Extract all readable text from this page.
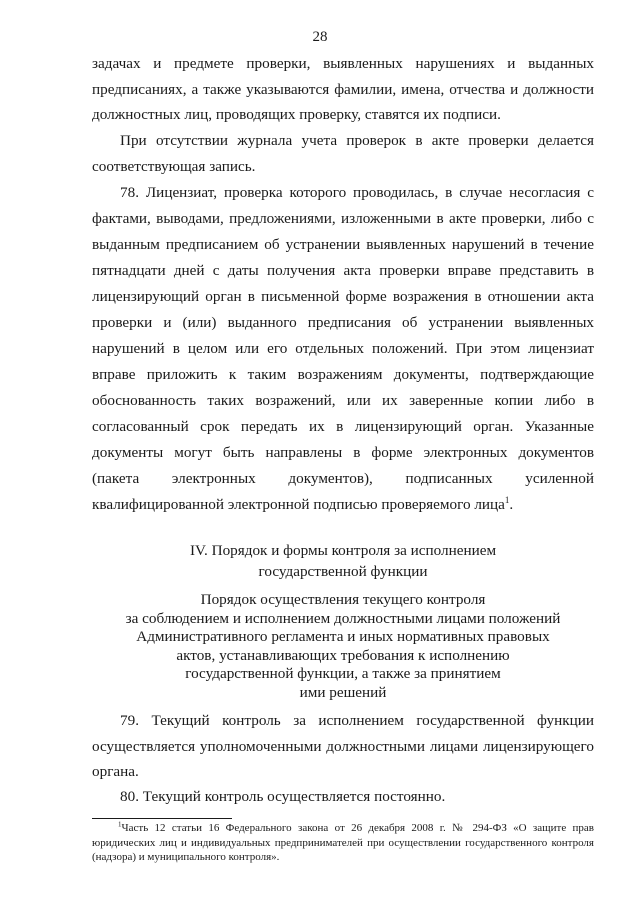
28

задачах и предмете проверки, выявленных нарушениях и выданных предписаниях, а также указываются фамилии, имена, отчества и должности должностных лиц, проводящих проверку, ставятся их подписи.

При отсутствии журнала учета проверок в акте проверки делается соответствующая запись.

78. Лицензиат, проверка которого проводилась, в случае несогласия с фактами, выводами, предложениями, изложенными в акте проверки, либо с выданным предписанием об устранении выявленных нарушений в течение пятнадцати дней с даты получения акта проверки вправе представить в лицензирующий орган в письменной форме возражения в отношении акта проверки и (или) выданного предписания об устранении выявленных нарушений в целом или его отдельных положений. При этом лицензиат вправе приложить к таким возражениям документы, подтверждающие обоснованность таких возражений, или их заверенные копии либо в согласованный срок передать их в лицензирующий орган. Указанные документы могут быть направлены в форме электронных документов (пакета электронных документов), подписанных усиленной квалифицированной электронной подписью проверяемого лица$^1$.

IV. Порядок и формы контроля за исполнением
государственной функции
Порядок осуществления текущего контроля
за соблюдением и исполнением должностными лицами положений
Административного регламента и иных нормативных правовых
актов, устанавливающих требования к исполнению
государственной функции, а также за принятием
ими решений

79. Текущий контроль за исполнением государственной функции осуществляется уполномоченными должностными лицами лицензирующего органа.

80. Текущий контроль осуществляется постоянно.

$^1$Часть 12 статьи 16 Федерального закона от 26 декабря 2008 г. № 294-ФЗ «О защите прав юридических лиц и индивидуальных предпринимателей при осуществлении государственного контроля (надзора) и муниципального контроля».
